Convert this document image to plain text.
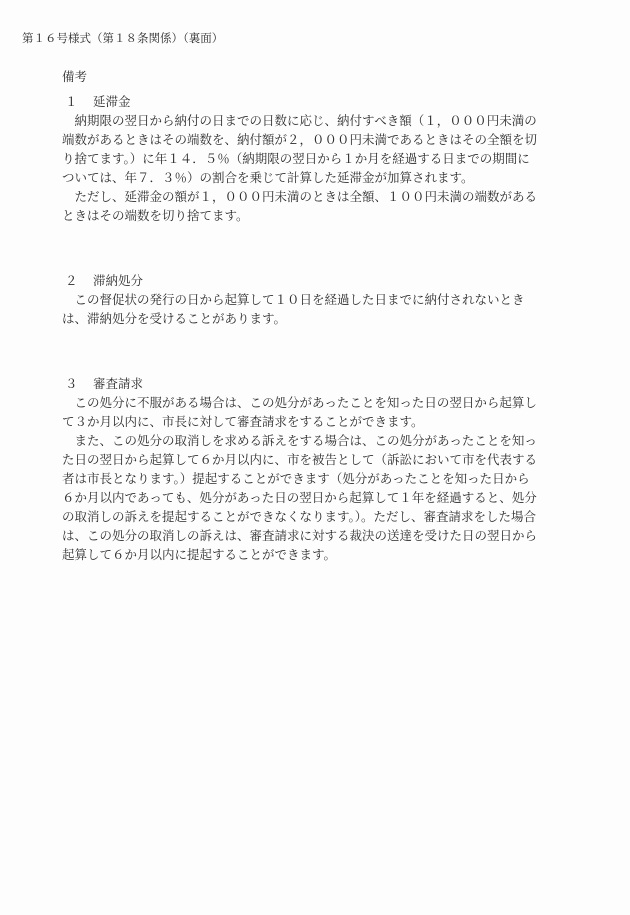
第１６号様式（第１８条関係）（裏面）
備考
１ 延滞金
納期限の翌日から納付の日までの日数に応じ、納付すべき額（１，０００円未満の
端数があるときはその端数を、納付額が２，０００円未満であるときはその全額を切
り捨てます。）に年１４．５％（納期限の翌日から１か月を経過する日までの期間に
ついては、年７．３％）の割合を乗じて計算した延滞金が加算されます。
ただし、延滞金の額が１，０００円未満のときは全額、１００円未満の端数がある
ときはその端数を切り捨てます。
２ 滞納処分
この督促状の発行の日から起算して１０日を経過した日までに納付されないとき
は、滞納処分を受けることがあります。
３ 審査請求
この処分に不服がある場合は、この処分があったことを知った日の翌日から起算し
て３か月以内に、市長に対して審査請求をすることができます。
また、この処分の取消しを求める訴えをする場合は、この処分があったことを知っ
た日の翌日から起算して６か月以内に、市を被告として（訴訟において市を代表する
者は市長となります。）提起することができます（処分があったことを知った日から
６か月以内であっても、処分があった日の翌日から起算して１年を経過すると、処分
の取消しの訴えを提起することができなくなります。）。ただし、審査請求をした場合
は、この処分の取消しの訴えは、審査請求に対する裁決の送達を受けた日の翌日から
起算して６か月以内に提起することができます。
